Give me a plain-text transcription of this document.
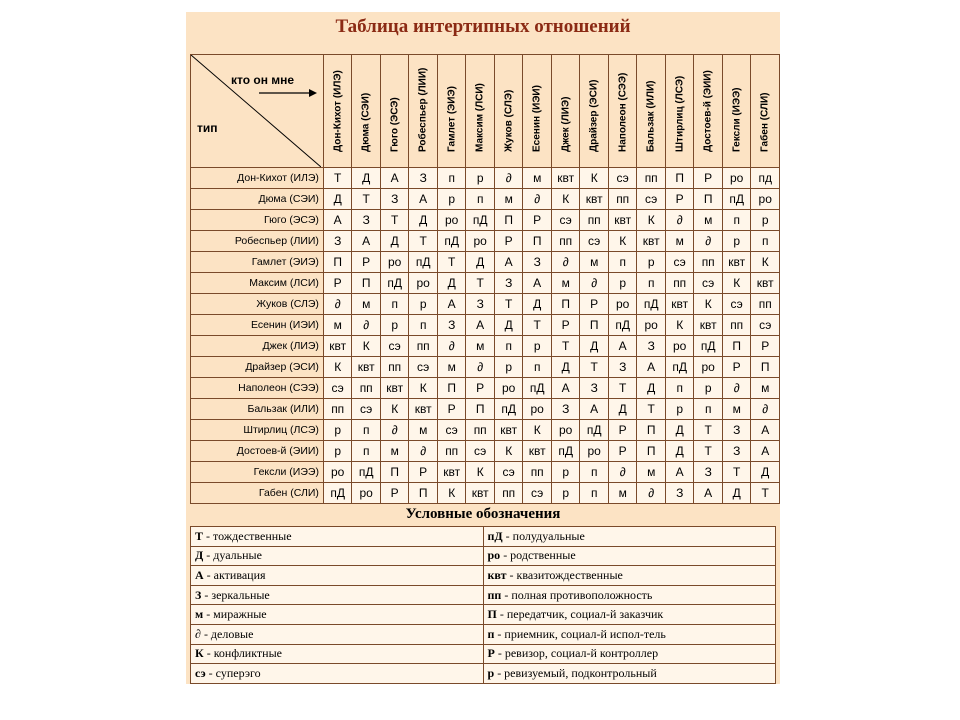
Таблица интертипных отношений
кто он мне
тип	Дон-Кихот (ИЛЭ)	Дюма (СЭИ)	Гюго (ЭСЭ)	Робеспьер (ЛИИ)	Гамлет (ЭИЭ)	Максим (ЛСИ)	Жуков (СЛЭ)	Есенин (ИЭИ)	Джек (ЛИЭ)	Драйзер (ЭСИ)	Наполеон (СЭЭ)	Бальзак (ИЛИ)	Штирлиц (ЛСЭ)	Достоев-й (ЭИИ)	Гексли (ИЭЭ)	Габен (СЛИ)

Дон-Кихот (ИЛЭ)	Т	Д	А	З	п	р	∂	м	квт	К	сэ	пп	П	Р	ро	пд
Дюма (СЭИ)	Д	Т	З	А	р	п	м	∂	К	квт	пп	сэ	Р	П	пД	ро
Гюго (ЭСЭ)	А	З	Т	Д	ро	пД	П	Р	сэ	пп	квт	К	∂	м	п	р
Робеспьер (ЛИИ)	З	А	Д	Т	пД	ро	Р	П	пп	сэ	К	квт	м	∂	р	п
Гамлет (ЭИЭ)	П	Р	ро	пД	Т	Д	А	З	∂	м	п	р	сэ	пп	квт	К
Максим (ЛСИ)	Р	П	пД	ро	Д	Т	З	А	м	∂	р	п	пп	сэ	К	квт
Жуков (СЛЭ)	∂	м	п	р	А	З	Т	Д	П	Р	ро	пД	квт	К	сэ	пп
Есенин (ИЭИ)	м	∂	р	п	З	А	Д	Т	Р	П	пД	ро	К	квт	пп	сэ
Джек (ЛИЭ)	квт	К	сэ	пп	∂	м	п	р	Т	Д	А	З	ро	пД	П	Р
Драйзер (ЭСИ)	К	квт	пп	сэ	м	∂	р	п	Д	Т	З	А	пД	ро	Р	П
Наполеон (СЭЭ)	сэ	пп	квт	К	П	Р	ро	пД	А	З	Т	Д	п	р	∂	м
Бальзак (ИЛИ)	пп	сэ	К	квт	Р	П	пД	ро	З	А	Д	Т	р	п	м	∂
Штирлиц (ЛСЭ)	р	п	∂	м	сэ	пп	квт	К	ро	пД	Р	П	Д	Т	З	А
Достоев-й (ЭИИ)	р	п	м	∂	пп	сэ	К	квт	пД	ро	Р	П	Д	Т	З	А
Гексли (ИЭЭ)	ро	пД	П	Р	квт	К	сэ	пп	р	п	∂	м	А	З	Т	Д
Габен (СЛИ)	пД	ро	Р	П	К	квт	пп	сэ	р	п	м	∂	З	А	Д	Т
Условные обозначения
Т - тождественные	пД - полудуальные
Д - дуальные	ро - родственные
А - активация	квт - квазитождественные
З - зеркальные	пп - полная противоположность
м - миражные	П - передатчик, социал-й заказчик
∂ - деловые	п - приемник, социал-й испол-тель
К - конфликтные	Р - ревизор, социал-й контроллер
сэ - суперэго	р - ревизуемый, подконтрольный
